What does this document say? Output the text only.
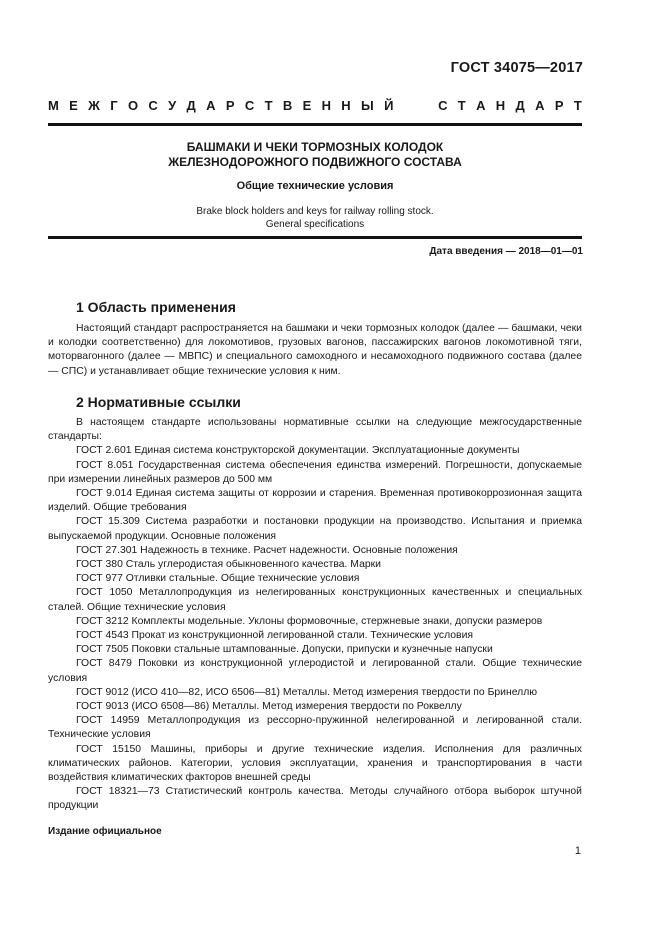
ГОСТ 34075—2017
М Е Ж Г О С У Д А Р С Т В Е Н Н Ы Й	С Т А Н Д А Р Т
БАШМАКИ И ЧЕКИ ТОРМОЗНЫХ КОЛОДОК
ЖЕЛЕЗНОДОРОЖНОГО ПОДВИЖНОГО СОСТАВА
Общие технические условия
Brake block holders and keys for railway rolling stock.
General specifications
Дата введения — 2018—01—01
1 Область применения

Настоящий стандарт распространяется на башмаки и чеки тормозных колодок (далее — башмаки, чеки и колодки соответственно) для локомотивов, грузовых вагонов, пассажирских вагонов локомотивной тяги, моторвагонного (далее — МВПС) и специального самоходного и несамоходного подвижного состава (далее — СПС) и устанавливает общие технические условия к ним.

2 Нормативные ссылки

В настоящем стандарте использованы нормативные ссылки на следующие межгосударственные стандарты:

ГОСТ 2.601 Единая система конструкторской документации. Эксплуатационные документы

ГОСТ 8.051 Государственная система обеспечения единства измерений. Погрешности, допускаемые при измерении линейных размеров до 500 мм

ГОСТ 9.014 Единая система защиты от коррозии и старения. Временная противокоррозионная защита изделий. Общие требования

ГОСТ 15.309 Система разработки и постановки продукции на производство. Испытания и приемка выпускаемой продукции. Основные положения

ГОСТ 27.301 Надежность в технике. Расчет надежности. Основные положения

ГОСТ 380 Сталь углеродистая обыкновенного качества. Марки

ГОСТ 977 Отливки стальные. Общие технические условия

ГОСТ 1050 Металлопродукция из нелегированных конструкционных качественных и специальных сталей. Общие технические условия

ГОСТ 3212 Комплекты модельные. Уклоны формовочные, стержневые знаки, допуски размеров

ГОСТ 4543 Прокат из конструкционной легированной стали. Технические условия

ГОСТ 7505 Поковки стальные штампованные. Допуски, припуски и кузнечные напуски

ГОСТ 8479 Поковки из конструкционной углеродистой и легированной стали. Общие технические условия

ГОСТ 9012 (ИСО 410—82, ИСО 6506—81) Металлы. Метод измерения твердости по Бринеллю

ГОСТ 9013 (ИСО 6508—86) Металлы. Метод измерения твердости по Роквеллу

ГОСТ 14959 Металлопродукция из рессорно-пружинной нелегированной и легированной стали. Технические условия

ГОСТ 15150 Машины, приборы и другие технические изделия. Исполнения для различных климатических районов. Категории, условия эксплуатации, хранения и транспортирования в части воздействия климатических факторов внешней среды

ГОСТ 18321—73 Статистический контроль качества. Методы случайного отбора выборок штучной продукции

Издание официальное
1
